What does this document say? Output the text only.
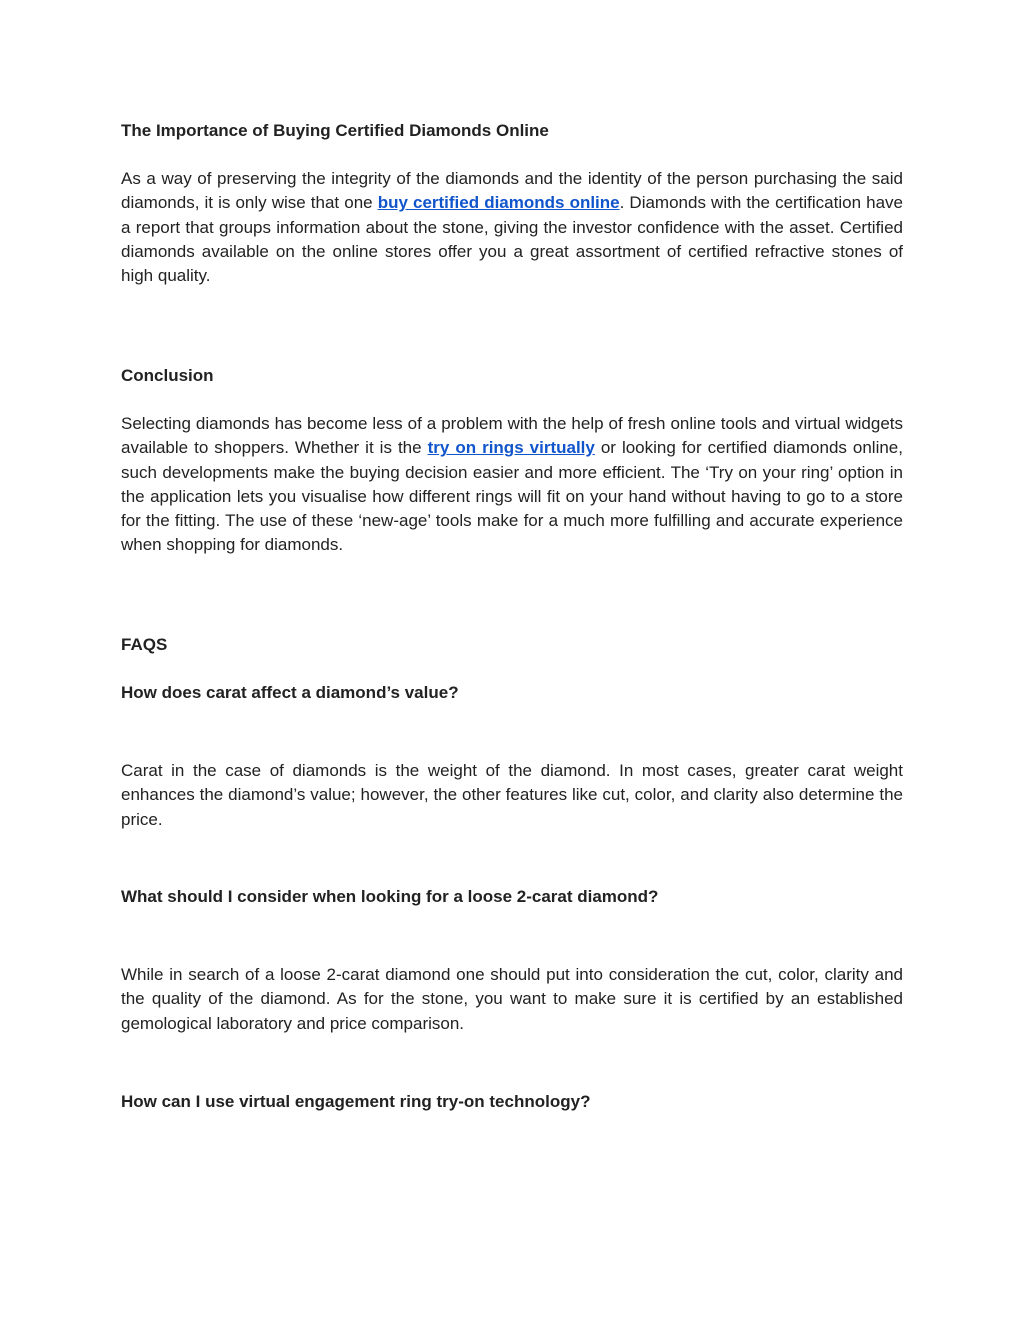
The Importance of Buying Certified Diamonds Online

As a way of preserving the integrity of the diamonds and the identity of the person purchasing the said diamonds, it is only wise that one buy certified diamonds online. Diamonds with the certification have a report that groups information about the stone, giving the investor confidence with the asset. Certified diamonds available on the online stores offer you a great assortment of certified refractive stones of high quality.

Conclusion

Selecting diamonds has become less of a problem with the help of fresh online tools and virtual widgets available to shoppers. Whether it is the try on rings virtually or looking for certified diamonds online, such developments make the buying decision easier and more efficient. The ‘Try on your ring’ option in the application lets you visualise how different rings will fit on your hand without having to go to a store for the fitting. The use of these ‘new-age’ tools make for a much more fulfilling and accurate experience when shopping for diamonds.

FAQS
How does carat affect a diamond’s value?

Carat in the case of diamonds is the weight of the diamond. In most cases, greater carat weight enhances the diamond’s value; however, the other features like cut, color, and clarity also determine the price.

What should I consider when looking for a loose 2-carat diamond?

While in search of a loose 2-carat diamond one should put into consideration the cut, color, clarity and the quality of the diamond. As for the stone, you want to make sure it is certified by an established gemological laboratory and price comparison.

How can I use virtual engagement ring try-on technology?
